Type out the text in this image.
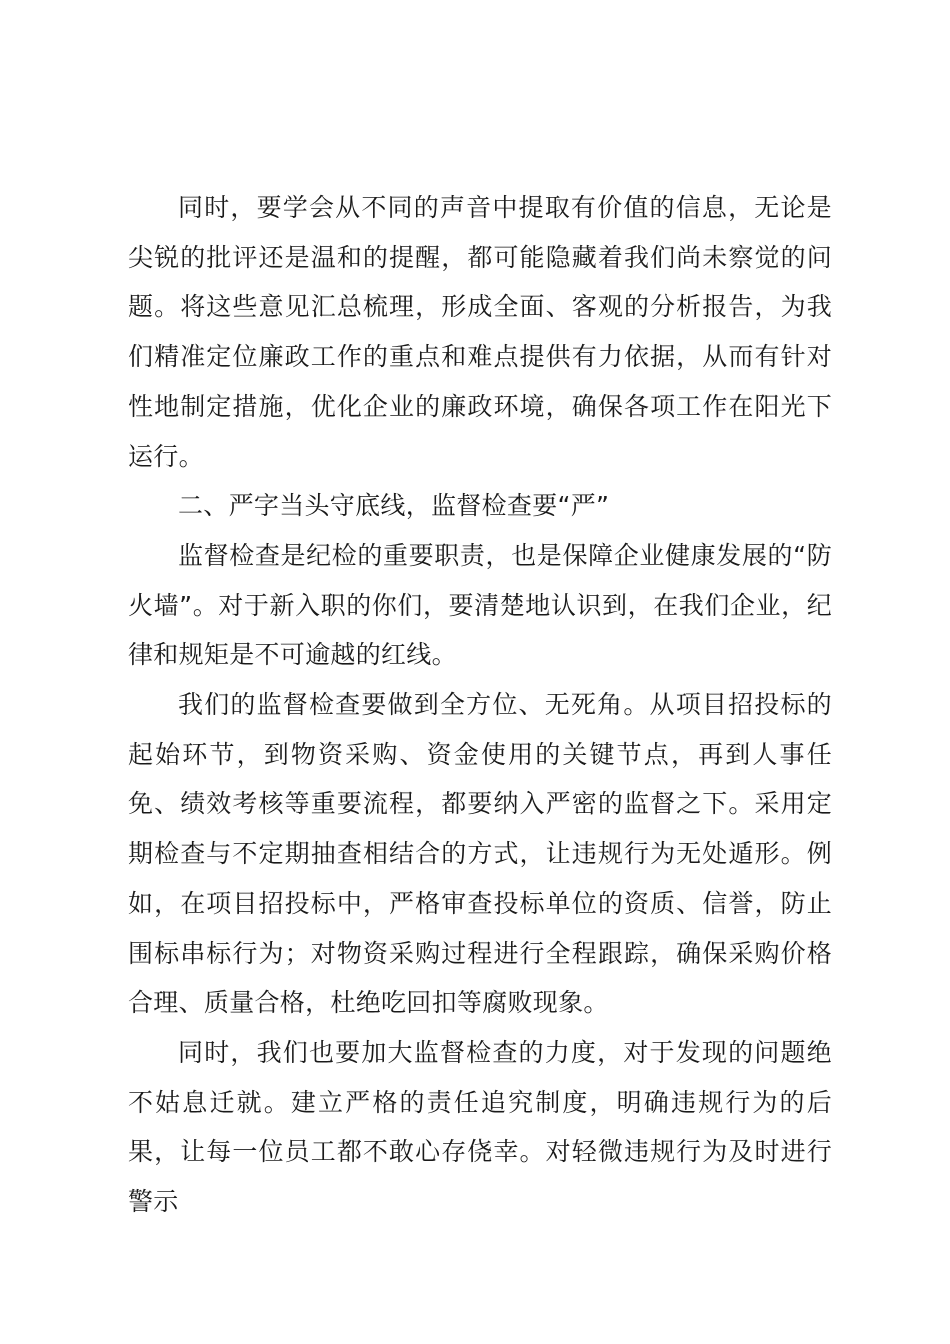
同时，要学会从不同的声音中提取有价值的信息，无论是尖锐的批评还是温和的提醒，都可能隐藏着我们尚未察觉的问题。将这些意见汇总梳理，形成全面、客观的分析报告，为我们精准定位廉政工作的重点和难点提供有力依据，从而有针对性地制定措施，优化企业的廉政环境，确保各项工作在阳光下运行。

二、严字当头守底线，监督检查要“严”

监督检查是纪检的重要职责，也是保障企业健康发展的“防火墙”。对于新入职的你们，要清楚地认识到，在我们企业，纪律和规矩是不可逾越的红线。

我们的监督检查要做到全方位、无死角。从项目招投标的起始环节，到物资采购、资金使用的关键节点，再到人事任免、绩效考核等重要流程，都要纳入严密的监督之下。采用定期检查与不定期抽查相结合的方式，让违规行为无处遁形。例如，在项目招投标中，严格审查投标单位的资质、信誉，防止围标串标行为；对物资采购过程进行全程跟踪，确保采购价格合理、质量合格，杜绝吃回扣等腐败现象。

同时，我们也要加大监督检查的力度，对于发现的问题绝不姑息迁就。建立严格的责任追究制度，明确违规行为的后果，让每一位员工都不敢心存侥幸。对轻微违规行为及时进行警示
